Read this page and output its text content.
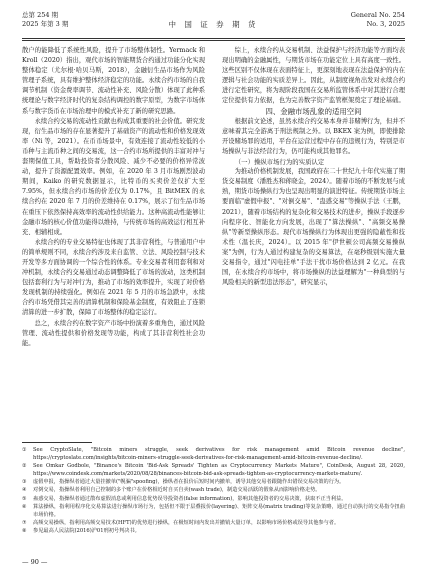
总第 254 期
2025 年第 3 期	中 国 证 券 期 货
General No. 254
No. 3, 2025

散户的能降低了系统性风险，提升了市场整体韧性。Yermack 和 Kroll（2020）指出，观代市场的智能期货合约通过功能分化实现整体稳定（尤尔根·哈贝马斯，2018），金融衍生品市场作为风险管理子系统，具有维护整体经济稳定的功能。永续合约市场的自我调节机制（资金费率调节、流动性补充、风险分散）体现了此种系统理论与数字经济时代的复杂结构调控的数字原型，为数字市场体系与数字货币在市场治理中的模式补充了新的研究思路。

永续合约交易的流动性贡献也构成其重要的社会价值。研究发现，衍生品市场的存在显著提升了基础资产的流动性和价格发现效率（Ni 等，2021）。在币币场景中，有效连接了流动性较低的小币种与主流币种之间的交易流，这一合约市场所提供的丰富对冲与套期保值工具，帮助投资者分散风险、减少不必要的价格异常波动，提升了资源配置效率。例如，在 2020 年 3 月市场剧烈波动期间，Kaiko 的研究数据显示，比特币的买卖价差仅扩大至 7.95%，但永续合约市场的价差仅为 0.17%，且 BitMEX 的永续合约在 2020 年 7 月的价差维持在 0.17%，展示了衍生品市场在重压下依然保持高效率的流动性供给能力。这种高流动性能够让金融市场的核心价值功能得以维持，与传统市场的高效运行相互补充、相辅相成。

永续合约的专业交易特征也体现了其非营利性，与普通用户中的简单规则不同，永续合约涉及来自监管、立法、风险控制与技术开发等多方面协调的一个综合性的体系。专业交易者利用套利和对冲机制，永续合约交易通过动态调整降低了市场的波动，这类机制包括套利行为与对冲行为，推动了市场的效率提升，实现了对价格发现机制的持续强化。例如在 2021 年 5 月的市场急跌中，永续合约市场凭借其完善的清算机制和保险基金制度，有效阻止了连锁清算的进一步扩散，保障了市场整体的稳定运行。

总之，永续合约在数字资产市场中扮演着多重角色，通过风险管理、流动性提供和价格发现等功能，构成了其非营利性社会功能。

综上，永续合约从交易机制、法益保护与经济功能等方面均表现出明确的金融属性，与期货市场在功能定位上具有高度一致性。这些区别不仅体现在表面特征上，更深刻地表现在法益保护的内在逻辑与社会功能的实质差异上。因此，从制度视角出发对永续合约进行定性研究，将为现阶段我国在交易所监管体系中对其进行合理定位提供有力依据，也为完善数字资产监管框架奠定了理论基础。

四、金融市场乱象的适用空间

根据前文论述，虽然永续合约交易本身并非赌博行为，但并不意味着其完全游离于刑法规制之外。以 BKEX 案为例，即使排除开设赌场罪的适用，平台在运营过程中存在的违规行为，特别是市场操纵与非法经营行为，仍可能构成其他罪名。

（一）操纵市场行为的实质认定

为推动价格机制发展，我国政府在二十世纪九十年代实施了期货交易制度（潘胜杰和蒋晓金，2024）。随着市场的不断发展与成熟，期货市场操纵行为也呈现出明显的演进特征。传统期货市场主要面临"虚假申报"、"对倒交易"、"蛊惑交易"等操纵手法（王鹏，2021），随着市场结构的复杂化和交易技术的进步，操纵手段逐步向程序化、智能化方向发展，出现了"算法操纵"、"高频交易操纵"等新型操纵形态。现代市场操纵行为体现出更强的隐蔽性和技术性（温长庆，2024）。以 2015 年"伊世顿公司高频交易操纵案"为例，行为人通过构建复杂的交易算法，在毫秒级别实施大量交易指令，通过"闪电挂单"手法干扰市场价格达到 2 亿元。在我国，在永续合约市场中，将市场操纵的法益理解为"一种典型的与风险相关的新型违法形态"，研究显示，

①	See CryptoSlate, "Bitcoin miners struggle, seek derivatives for risk management amid Bitcoin revenue decline", https://cryptoslate.com/insights/bitcoin-miners-struggle-seek-derivatives-for-risk-management-amid-bitcoin-revenue-decline/.
②	See Omkar Godbole, "Binance's Bitcoin 'Bid-Ask Spreads' Tighten as Cryptocurrency Markets Mature", CoinDesk, August 28, 2020, https://www.coindesk.com/markets/2020/08/28/binances-bitcoin-bid-ask-spreads-tighten-as-cryptocurrency-markets-mature/.
③	虚假申报，指操纵者通过大量挂撤单("幌骗"spoofing)，操纵者在报价后短时间内撤单，诱导其他交易者跟随作出错误交易决策的行为。
④	对倒交易，指操纵者利用自己控制的多个账户在价格相近时自买自卖(wash trade)，制造交易活跃的假象从而影响价格走势。
⑤	蛊惑交易，指操纵者通过散布虚假消息或利用信息优势误导投资者(false information)，影响其他投资者的交易决策，获取不正当利益。
⑥	算法操纵，指利用程序化交易算法进行操纵市场行为，包括但不限于层叠报价(layering)、矩阵交易(matrix trading)等复杂策略，通过自动执行的交易指令扭曲市场价格。
⑦	高频交易操纵，指利用高频交易技术(HFT)的优势进行操纵，在极短时间内发出并撤销大量订单，以影响市场价格或误导其他参与者。
⑧	参见最高人民法院(2016)沪01刑初号判决书。
— 90 —
